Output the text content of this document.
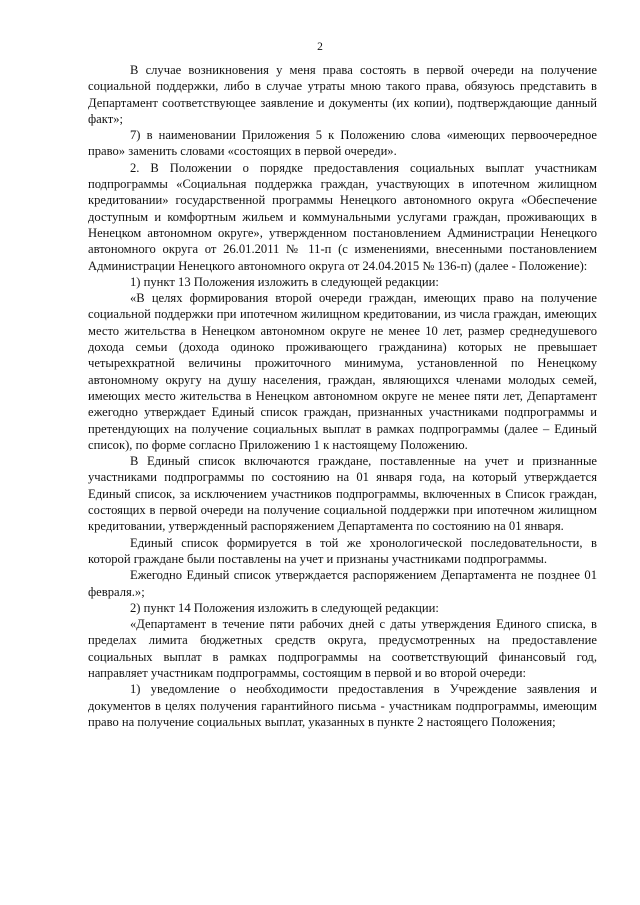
2

В случае возникновения у меня права состоять в первой очереди на получение социальной поддержки, либо в случае утраты мною такого права, обязуюсь представить в Департамент соответствующее заявление и документы (их копии), подтверждающие данный факт»;

7) в наименовании Приложения 5 к Положению слова «имеющих первоочередное право» заменить словами «состоящих в первой очереди».

2. В Положении о порядке предоставления социальных выплат участникам подпрограммы «Социальная поддержка граждан, участвующих в ипотечном жилищном кредитовании» государственной программы Ненецкого автономного округа «Обеспечение доступным и комфортным жильем и коммунальными услугами граждан, проживающих в Ненецком автономном округе», утвержденном постановлением Администрации Ненецкого автономного округа от 26.01.2011 № 11-п (с изменениями, внесенными постановлением Администрации Ненецкого автономного округа от 24.04.2015 № 136-п) (далее - Положение):

1) пункт 13 Положения изложить в следующей редакции:

«В целях формирования второй очереди граждан, имеющих право на получение социальной поддержки при ипотечном жилищном кредитовании, из числа граждан, имеющих место жительства в Ненецком автономном округе не менее 10 лет, размер среднедушевого дохода семьи (дохода одиноко проживающего гражданина) которых не превышает четырехкратной величины прожиточного минимума, установленной по Ненецкому автономному округу на душу населения, граждан, являющихся членами молодых семей, имеющих место жительства в Ненецком автономном округе не менее пяти лет, Департамент ежегодно утверждает Единый список граждан, признанных участниками подпрограммы и претендующих на получение социальных выплат в рамках подпрограммы (далее – Единый список), по форме согласно Приложению 1 к настоящему Положению.

В Единый список включаются граждане, поставленные на учет и признанные участниками подпрограммы по состоянию на 01 января года, на который утверждается Единый список, за исключением участников подпрограммы, включенных в Список граждан, состоящих в первой очереди на получение социальной поддержки при ипотечном жилищном кредитовании, утвержденный распоряжением Департамента по состоянию на 01 января.

Единый список формируется в той же хронологической последовательности, в которой граждане были поставлены на учет и признаны участниками подпрограммы.

Ежегодно Единый список утверждается распоряжением Департамента не позднее 01 февраля.»;

2) пункт 14 Положения изложить в следующей редакции:

«Департамент в течение пяти рабочих дней с даты утверждения Единого списка, в пределах лимита бюджетных средств округа, предусмотренных на предоставление социальных выплат в рамках подпрограммы на соответствующий финансовый год, направляет участникам подпрограммы, состоящим в первой и во второй очереди:

1) уведомление о необходимости предоставления в Учреждение заявления и документов в целях получения гарантийного письма - участникам подпрограммы, имеющим право на получение социальных выплат, указанных в пункте 2 настоящего Положения;
